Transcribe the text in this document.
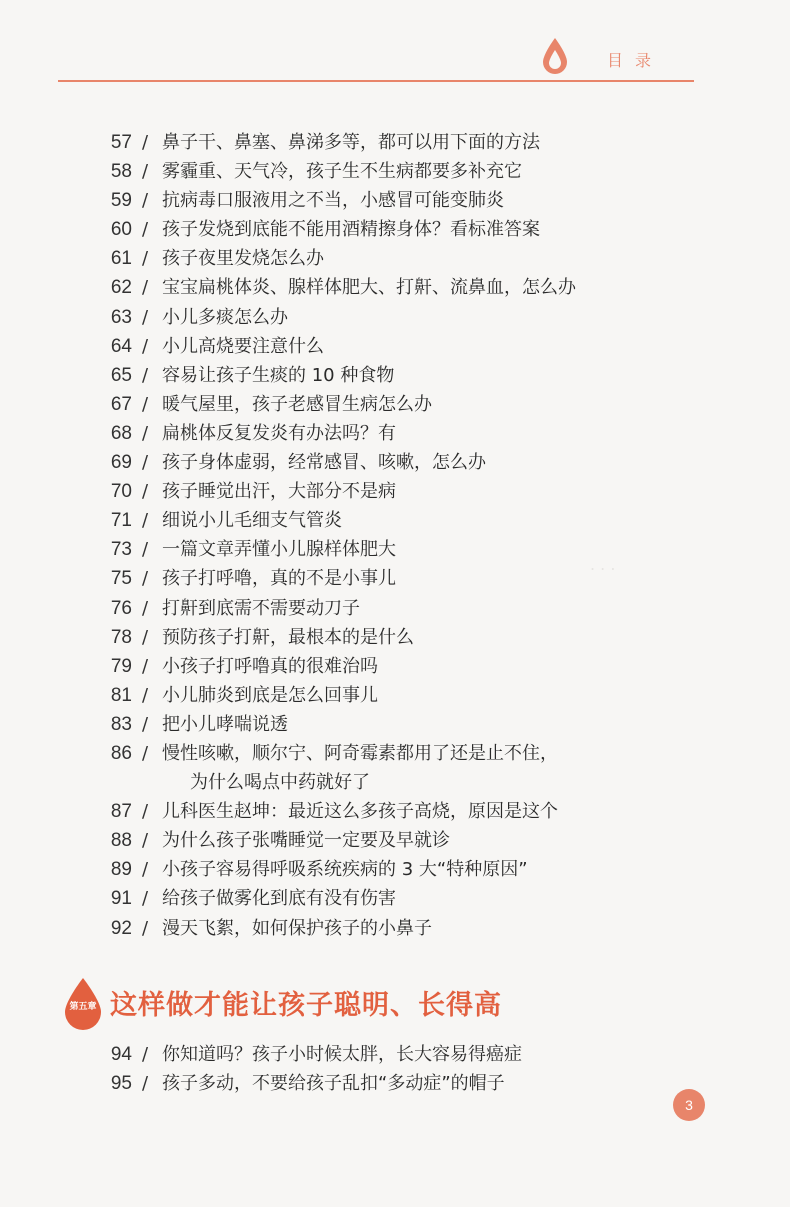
目录
. . .
57 / 鼻子干、鼻塞、鼻涕多等，都可以用下面的方法
58 / 雾霾重、天气冷，孩子生不生病都要多补充它
59 / 抗病毒口服液用之不当，小感冒可能变肺炎
60 / 孩子发烧到底能不能用酒精擦身体？看标准答案
61 / 孩子夜里发烧怎么办
62 / 宝宝扁桃体炎、腺样体肥大、打鼾、流鼻血，怎么办
63 / 小儿多痰怎么办
64 / 小儿高烧要注意什么
65 / 容易让孩子生痰的 10 种食物
67 / 暖气屋里，孩子老感冒生病怎么办
68 / 扁桃体反复发炎有办法吗？有
69 / 孩子身体虚弱，经常感冒、咳嗽，怎么办
70 / 孩子睡觉出汗，大部分不是病
71 / 细说小儿毛细支气管炎
73 / 一篇文章弄懂小儿腺样体肥大
75 / 孩子打呼噜，真的不是小事儿
76 / 打鼾到底需不需要动刀子
78 / 预防孩子打鼾，最根本的是什么
79 / 小孩子打呼噜真的很难治吗
81 / 小儿肺炎到底是怎么回事儿
83 / 把小儿哮喘说透
86 / 慢性咳嗽，顺尔宁、阿奇霉素都用了还是止不住，
为什么喝点中药就好了
87 / 儿科医生赵坤：最近这么多孩子高烧，原因是这个
88 / 为什么孩子张嘴睡觉一定要及早就诊
89 / 小孩子容易得呼吸系统疾病的 3 大“特种原因”
91 / 给孩子做雾化到底有没有伤害
92 / 漫天飞絮，如何保护孩子的小鼻子
第五章 这样做才能让孩子聪明、长得高
94 / 你知道吗？孩子小时候太胖，长大容易得癌症
95 / 孩子多动，不要给孩子乱扣“多动症”的帽子
3
